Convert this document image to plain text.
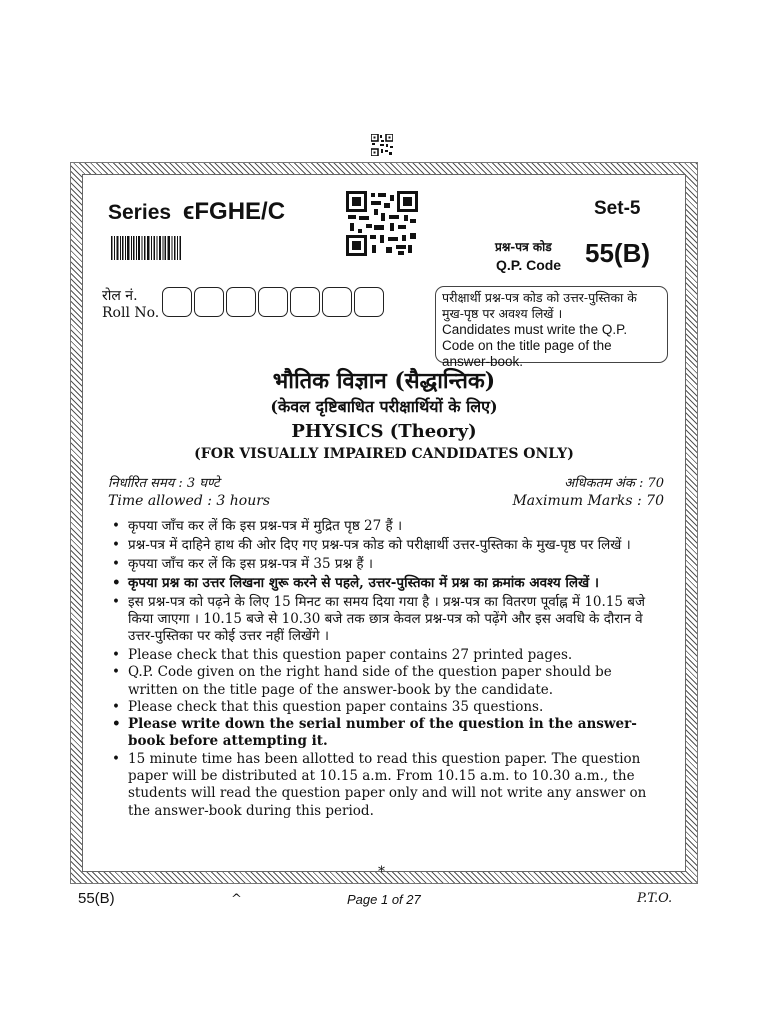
Series ϵFGHE/C	Set-5
प्रश्न-पत्र कोड
Q.P. Code 55(B)
रोल नं.
Roll No.
परीक्षार्थी प्रश्न-पत्र कोड को उत्तर-पुस्तिका के मुख-पृष्ठ पर अवश्य लिखें ।
Candidates must write the Q.P. Code on the title page of the answer-book.
भौतिक विज्ञान (सैद्धान्तिक)
(केवल दृष्टिबाधित परीक्षार्थियों के लिए)
PHYSICS (Theory)
(FOR VISUALLY IMPAIRED CANDIDATES ONLY)
निर्धारित समय : 3 घण्टे
Time allowed : 3 hours
अधिकतम अंक : 70
Maximum Marks : 70
• कृपया जाँच कर लें कि इस प्रश्न-पत्र में मुद्रित पृष्ठ 27 हैं ।
• प्रश्न-पत्र में दाहिने हाथ की ओर दिए गए प्रश्न-पत्र कोड को परीक्षार्थी उत्तर-पुस्तिका के मुख-पृष्ठ पर लिखें ।
• कृपया जाँच कर लें कि इस प्रश्न-पत्र में 35 प्रश्न हैं ।
• कृपया प्रश्न का उत्तर लिखना शुरू करने से पहले, उत्तर-पुस्तिका में प्रश्न का क्रमांक अवश्य लिखें ।
• इस प्रश्न-पत्र को पढ़ने के लिए 15 मिनट का समय दिया गया है । प्रश्न-पत्र का वितरण पूर्वाह्न में 10.15 बजे किया जाएगा । 10.15 बजे से 10.30 बजे तक छात्र केवल प्रश्न-पत्र को पढ़ेंगे और इस अवधि के दौरान वे उत्तर-पुस्तिका पर कोई उत्तर नहीं लिखेंगे ।
• Please check that this question paper contains 27 printed pages.
• Q.P. Code given on the right hand side of the question paper should be written on the title page of the answer-book by the candidate.
• Please check that this question paper contains 35 questions.
• Please write down the serial number of the question in the answer-book before attempting it.
• 15 minute time has been allotted to read this question paper. The question paper will be distributed at 10.15 a.m. From 10.15 a.m. to 10.30 a.m., the students will read the question paper only and will not write any answer on the answer-book during this period.
*
55(B)	^	Page 1 of 27	P.T.O.
